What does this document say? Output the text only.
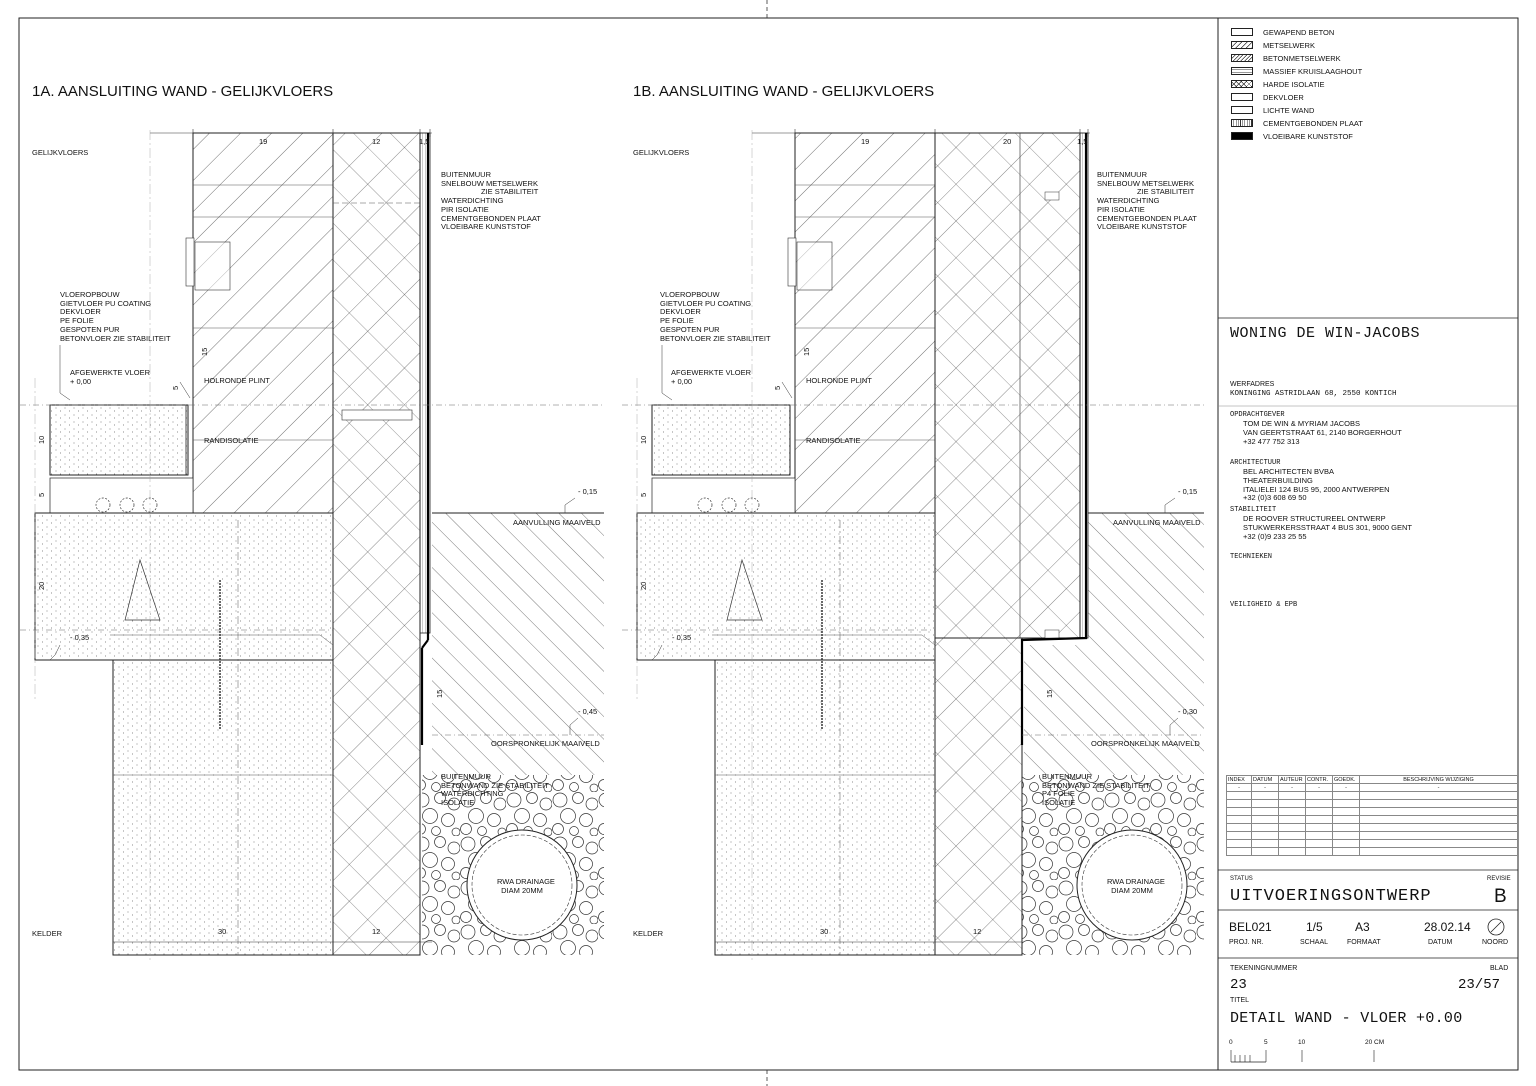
1A. AANSLUITING WAND - GELIJKVLOERS
GELIJKVLOERS
KELDER
BUITENMUUR
SNELBOUW METSELWERK
ZIE STABILITEIT
WATERDICHTING
PIR ISOLATIE
CEMENTGEBONDEN PLAAT
VLOEIBARE KUNSTSTOF
VLOEROPBOUW
GIETVLOER PU COATING
DEKVLOER
PE FOLIE
GESPOTEN PUR
BETONVLOER ZIE STABILITEIT
AFGEWERKTE VLOER
+ 0,00	HOLRONDE PLINT
RANDISOLATIE
- 0,15
AANVULLING MAAIVELD
- 0,35
- 0,45
OORSPRONKELIJK MAAIVELD
BUITENMUUR
BETONWAND ZIE STABILITEIT
WATERDICHTING
ISOLATIE
RWA DRAINAGE
DIAM 20MM
19	12	1,5
30	12
15
5
10
5
20
15
1B. AANSLUITING WAND - GELIJKVLOERS
GELIJKVLOERS
KELDER
BUITENMUUR
SNELBOUW METSELWERK
ZIE STABILITEIT
WATERDICHTING
PIR ISOLATIE
CEMENTGEBONDEN PLAAT
VLOEIBARE KUNSTSTOF
VLOEROPBOUW
GIETVLOER PU COATING
DEKVLOER
PE FOLIE
GESPOTEN PUR
BETONVLOER ZIE STABILITEIT
AFGEWERKTE VLOER
+ 0,00	HOLRONDE PLINT
RANDISOLATIE
- 0,15
AANVULLING MAAIVELD
- 0,35
- 0,30
OORSPRONKELIJK MAAIVELD
BUITENMUUR
BETONWAND ZIE STABILITEIT
P4 FOLIE
ISOLATIE
RWA DRAINAGE
DIAM 20MM
19	20	1,5
30	12
15
5
10
5
20
15
GEWAPEND BETON
METSELWERK
BETONMETSELWERK
MASSIEF KRUISLAAGHOUT
HARDE ISOLATIE
DEKVLOER
LICHTE WAND
CEMENTGEBONDEN PLAAT
VLOEIBARE KUNSTSTOF
WONING DE WIN-JACOBS
WERFADRES
KONINGING ASTRIDLAAN 68, 2550 KONTICH
OPDRACHTGEVER
TOM DE WIN & MYRIAM JACOBS
VAN GEERTSTRAAT 61, 2140 BORGERHOUT
+32 477 752 313
ARCHITECTUUR
BEL ARCHITECTEN BVBA
THEATERBUILDING
ITALIELEI 124 BUS 95, 2000 ANTWERPEN
+32 (0)3 608 69 50
STABILITEIT
DE ROOVER STRUCTUREEL ONTWERP
STUKWERKERSSTRAAT 4 BUS 301, 9000 GENT
+32 (0)9 233 25 55
TECHNIEKEN
VEILIGHEID & EPB
INDEX	DATUM	AUTEUR	CONTR.	GOEDK.	BESCHRIJVING WIJZIGING
-	-	-	-	-	-

STATUS	REVISIE
UITVOERINGSONTWERP	B
BEL021
PROJ. NR.
1/5
SCHAAL
A3
FORMAAT
28.02.14
DATUM	NOORD
TEKENINGNUMMER	BLAD
23	23/57
TITEL
DETAIL WAND - VLOER +0.00
0	5	10	20 CM
